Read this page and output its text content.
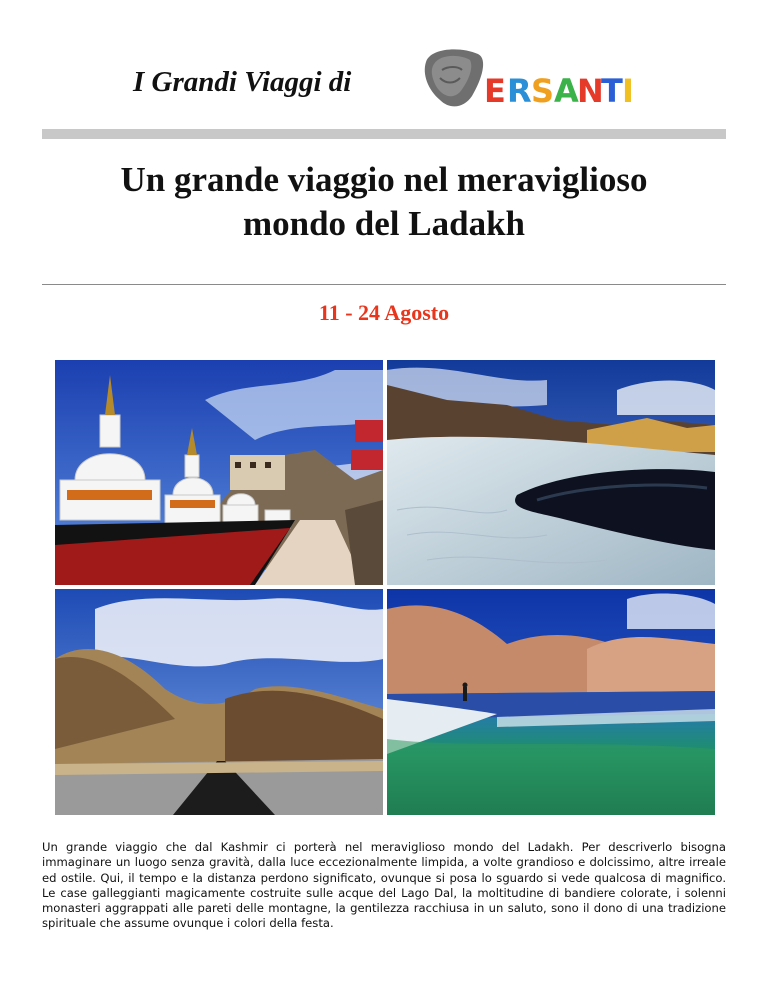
I Grandi Viaggi di	E R S A
N
T I
Un grande viaggio nel meraviglioso
mondo del Ladakh
11 - 24 Agosto

Un grande viaggio che dal Kashmir ci porterà nel meraviglioso mondo del Ladakh. Per descriverlo bisogna immaginare un luogo senza gravità, dalla luce eccezionalmente limpida, a volte grandioso e dolcissimo, altre irreale ed ostile. Qui, il tempo e la distanza perdono significato, ovunque si posa lo sguardo si vede qualcosa di magnifico. Le case galleggianti magicamente costruite sulle acque del Lago Dal, la moltitudine di bandiere colorate, i solenni monasteri aggrappati alle pareti delle montagne, la gentilezza racchiusa in un saluto, sono il dono di una tradizione spirituale che assume ovunque i colori della festa.
